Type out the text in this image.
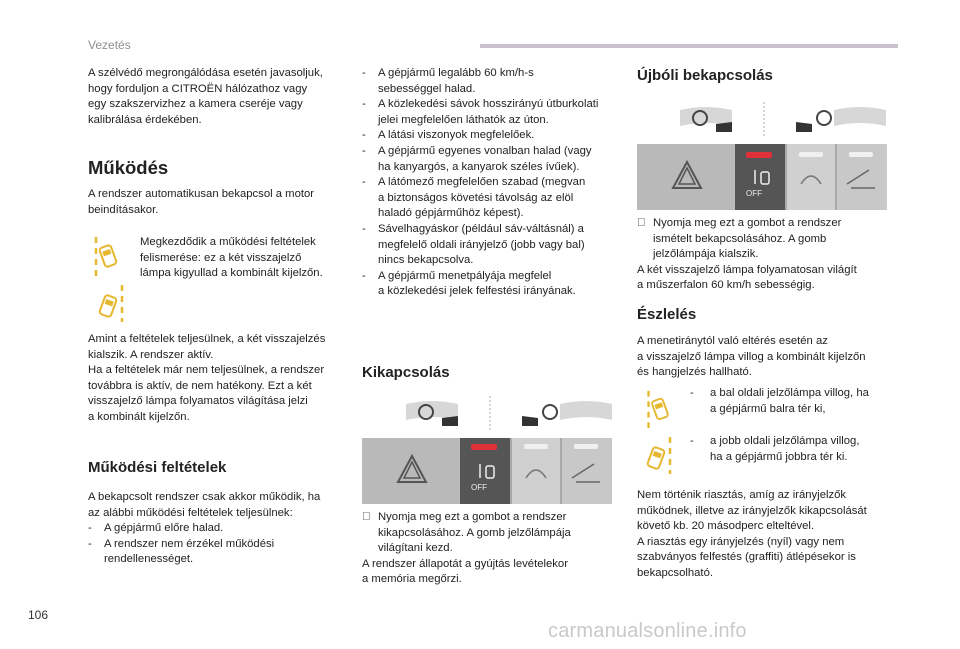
Vezetés
A szélvédő megrongálódása esetén javasoljuk,
hogy forduljon a CITROËN hálózathoz vagy
egy szakszervizhez a kamera cseréje vagy
kalibrálása érdekében.
Működés
A rendszer automatikusan bekapcsol a motor
beindításakor.
Megkezdődik a működési feltételek
felismerése: ez a két visszajelző
lámpa kigyullad a kombinált kijelzőn.
Amint a feltételek teljesülnek, a két visszajelzés
kialszik. A rendszer aktív.
Ha a feltételek már nem teljesülnek, a rendszer
továbbra is aktív, de nem hatékony. Ezt a két
visszajelző lámpa folyamatos világítása jelzi
a kombinált kijelzőn.
Működési feltételek
A bekapcsolt rendszer csak akkor működik, ha
az alábbi működési feltételek teljesülnek:
-	A gépjármű előre halad.
-	A rendszer nem érzékel működési
rendellenességet.
-	A gépjármű legalább 60 km/h-s
sebességgel halad.
-	A közlekedési sávok hosszirányú útburkolati
jelei megfelelően láthatók az úton.
-	A látási viszonyok megfelelőek.
-	A gépjármű egyenes vonalban halad (vagy
ha kanyargós, a kanyarok széles ívűek).
-	A látómező megfelelően szabad (megvan
a biztonságos követési távolság az elöl
haladó gépjárműhöz képest).
-	Sávelhagyáskor (például sáv-váltásnál) a
megfelelő oldali irányjelző (jobb vagy bal)
nincs bekapcsolva.
-	A gépjármű menetpályája megfelel
a közlekedési jelek felfestési irányának.
Kikapcsolás
OFF
Nyomja meg ezt a gombot a rendszer
kikapcsolásához. A gomb jelzőlámpája
világítani kezd.
A rendszer állapotát a gyújtás levételekor
a memória megőrzi.
Újbóli bekapcsolás
OFF
Nyomja meg ezt a gombot a rendszer
ismételt bekapcsolásához. A gomb
jelzőlámpája kialszik.
A két visszajelző lámpa folyamatosan világít
a műszerfalon 60 km/h sebességig.
Észlelés
A menetiránytól való eltérés esetén az
a visszajelző lámpa villog a kombinált kijelzőn
és hangjelzés hallható.
-	a bal oldali jelzőlámpa villog, ha
a gépjármű balra tér ki,
-	a jobb oldali jelzőlámpa villog,
ha a gépjármű jobbra tér ki.
Nem történik riasztás, amíg az irányjelzők
működnek, illetve az irányjelzők kikapcsolását
követő kb. 20 másodperc elteltével.
A riasztás egy irányjelzés (nyíl) vagy nem
szabványos felfestés (graffiti) átlépésekor is
bekapcsolható.
106
carmanualsonline.info
